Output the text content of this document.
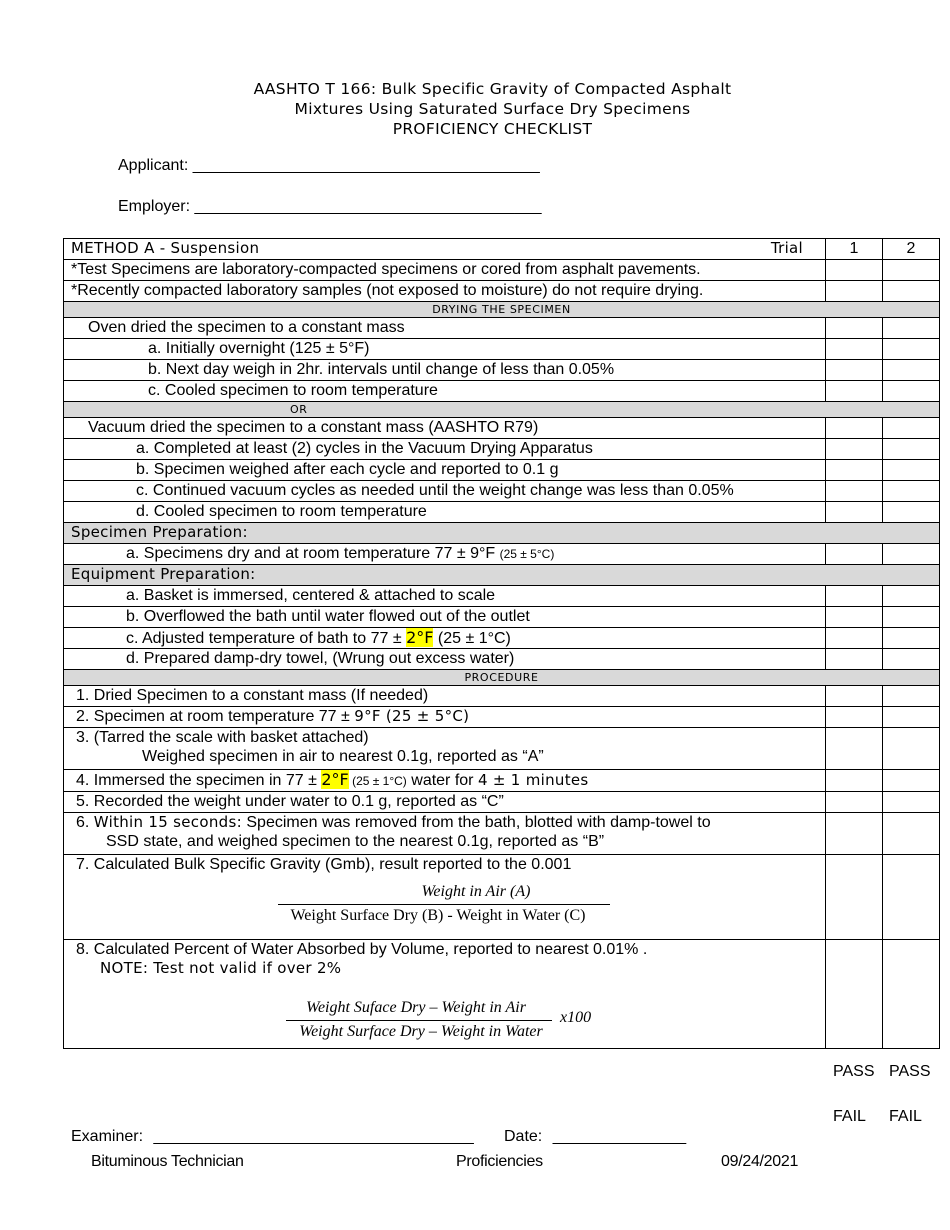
AASHTO T 166: Bulk Specific Gravity of Compacted Asphalt
Mixtures Using Saturated Surface Dry Specimens
PROFICIENCY CHECKLIST
Applicant: _______________________________________
Employer: _______________________________________
METHOD A - Suspension Trial	1	2
*Test Specimens are laboratory-compacted specimens or cored from asphalt pavements.		
*Recently compacted laboratory samples (not exposed to moisture) do not require drying.		
DRYING THE SPECIMEN		
Oven dried the specimen to a constant mass		
a. Initially overnight (125 ± 5°F)		
b. Next day weigh in 2hr. intervals until change of less than 0.05%		
c. Cooled specimen to room temperature		
OR		
Vacuum dried the specimen to a constant mass (AASHTO R79)		
a. Completed at least (2) cycles in the Vacuum Drying Apparatus		
b. Specimen weighed after each cycle and reported to 0.1 g		
c. Continued vacuum cycles as needed until the weight change was less than 0.05%		
d. Cooled specimen to room temperature		
Specimen Preparation:		
a. Specimens dry and at room temperature 77 ± 9°F (25 ± 5°C)		
Equipment Preparation:		
a. Basket is immersed, centered & attached to scale		
b. Overflowed the bath until water flowed out of the outlet		
c. Adjusted temperature of bath to 77 ± 2°F (25 ± 1°C)		
d. Prepared damp-dry towel, (Wrung out excess water)		
PROCEDURE		
1. Dried Specimen to a constant mass (If needed)		
2. Specimen at room temperature 77 ± 9°F (25 ± 5°C)		

3. (Tarred the scale with basket attached)
Weighed specimen in air to nearest 0.1g, reported as “A”		

4. Immersed the specimen in 77 ± 2°F (25 ± 1°C) water for 4 ± 1 minutes		
5. Recorded the weight under water to 0.1 g, reported as “C”		

6. Within 15 seconds: Specimen was removed from the bath, blotted with damp-towel to
SSD state, and weighed specimen to the nearest 0.1g, reported as “B”		

7. Calculated Bulk Specific Gravity (Gmb), result reported to the 0.001
Weight in Air (A)
Weight Surface Dry (B) - Weight in Water (C)		

8. Calculated Percent of Water Absorbed by Volume, reported to nearest 0.01% .
NOTE: Test not valid if over 2%
Weight Suface Dry – Weight in Air
Weight Surface Dry – Weight in Water
x100		

PASS PASS
FAIL FAIL
Examiner: ____________________________________ Date: _______________
Bituminous Technician	Proficiencies	09/24/2021
